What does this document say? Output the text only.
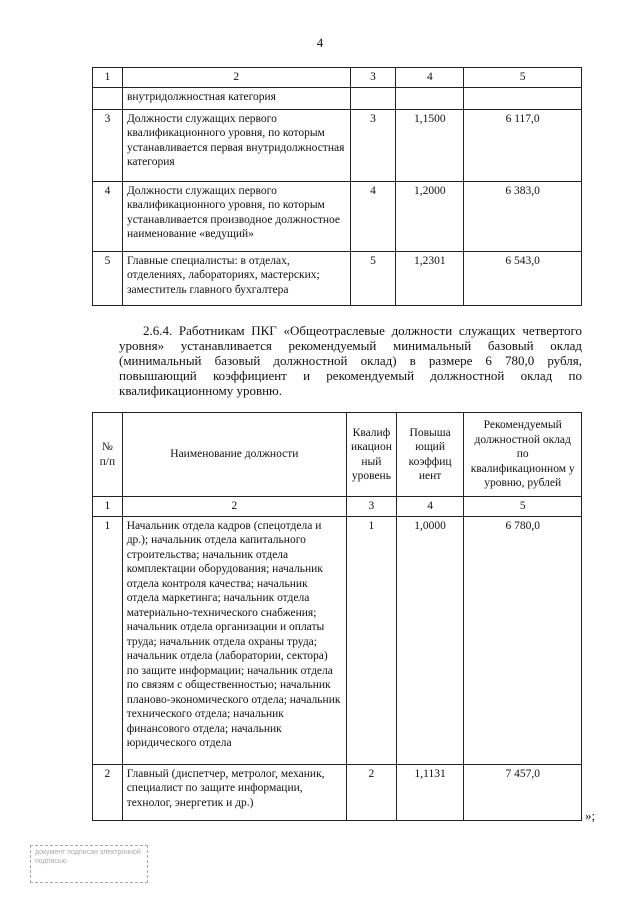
4
1	2	3	4	5
	внутридолжностная категория			
3	Должности служащих первого квалификационного уровня, по которым устанавливается первая внутридолжностная категория	3	1,1500	6 117,0
4	Должности служащих первого квалификационного уровня, по которым устанавливается производное должностное наименование «ведущий»	4	1,2000	6 383,0
5	Главные специалисты: в отделах, отделениях, лабораториях, мастерских; заместитель главного бухгалтера	5	1,2301	6 543,0

2.6.4. Работникам ПКГ «Общеотраслевые должности служащих четвертого уровня» устанавливается рекомендуемый минимальный базовый оклад (минимальный базовый должностной оклад) в размере 6 780,0 рубля, повышающий коэффициент и рекомендуемый должностной оклад по квалификационному уровню.

№ п/п	Наименование должности	Квалиф икацион ный уровень	Повыша ющий коэффиц иент	Рекомендуемый должностной оклад по квалификационном у уровню, рублей
1	2	3	4	5
1	Начальник отдела кадров (спецотдела и др.); начальник отдела капитального строительства; начальник отдела комплектации оборудования; начальник отдела контроля качества; начальник отдела маркетинга; начальник отдела материально-технического снабжения; начальник отдела организации и оплаты труда; начальник отдела охраны труда; начальник отдела (лаборатории, сектора) по защите информации; начальник отдела по связям с общественностью; начальник планово-экономического отдела; начальник технического отдела; начальник финансового отдела; начальник юридического отдела	1	1,0000	6 780,0
2	Главный (диспетчер, метролог, механик, специалист по защите информации, технолог, энергетик и др.)	2	1,1131	7 457,0
»;
документ подписан электронной подписью
